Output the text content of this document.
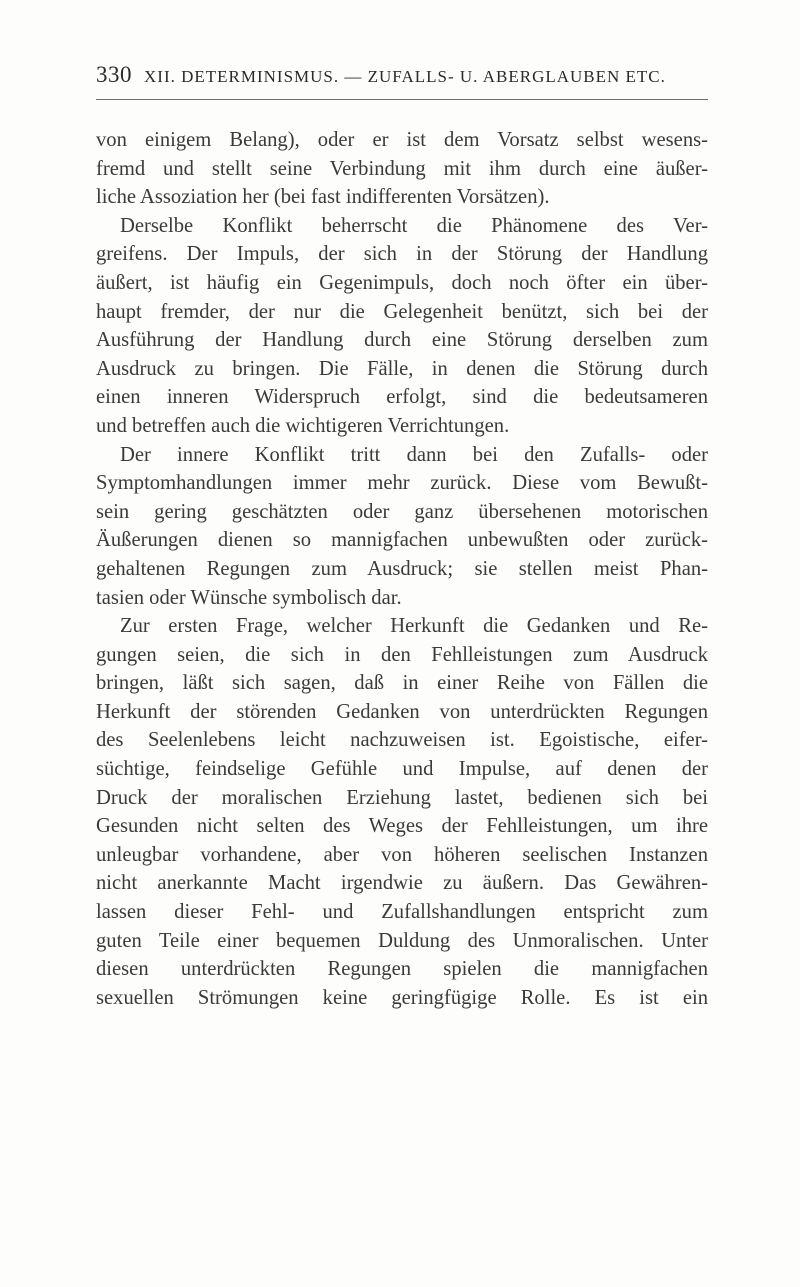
330 XII. DETERMINISMUS. — ZUFALLS- U. ABERGLAUBEN ETC.
von einigem Belang), oder er ist dem Vorsatz selbst wesens-
fremd und stellt seine Verbindung mit ihm durch eine äußer-
liche Assoziation her (bei fast indifferenten Vorsätzen).
Derselbe Konflikt beherrscht die Phänomene des Ver-
greifens. Der Impuls, der sich in der Störung der Handlung
äußert, ist häufig ein Gegenimpuls, doch noch öfter ein über-
haupt fremder, der nur die Gelegenheit benützt, sich bei der
Ausführung der Handlung durch eine Störung derselben zum
Ausdruck zu bringen. Die Fälle, in denen die Störung durch
einen inneren Widerspruch erfolgt, sind die bedeutsameren
und betreffen auch die wichtigeren Verrichtungen.
Der innere Konflikt tritt dann bei den Zufalls- oder
Symptomhandlungen immer mehr zurück. Diese vom Bewußt-
sein gering geschätzten oder ganz übersehenen motorischen
Äußerungen dienen so mannigfachen unbewußten oder zurück-
gehaltenen Regungen zum Ausdruck; sie stellen meist Phan-
tasien oder Wünsche symbolisch dar.
Zur ersten Frage, welcher Herkunft die Gedanken und Re-
gungen seien, die sich in den Fehlleistungen zum Ausdruck
bringen, läßt sich sagen, daß in einer Reihe von Fällen die
Herkunft der störenden Gedanken von unterdrückten Regungen
des Seelenlebens leicht nachzuweisen ist. Egoistische, eifer-
süchtige, feindselige Gefühle und Impulse, auf denen der
Druck der moralischen Erziehung lastet, bedienen sich bei
Gesunden nicht selten des Weges der Fehlleistungen, um ihre
unleugbar vorhandene, aber von höheren seelischen Instanzen
nicht anerkannte Macht irgendwie zu äußern. Das Gewähren-
lassen dieser Fehl- und Zufallshandlungen entspricht zum
guten Teile einer bequemen Duldung des Unmoralischen. Unter
diesen unterdrückten Regungen spielen die mannigfachen
sexuellen Strömungen keine geringfügige Rolle. Es ist ein
